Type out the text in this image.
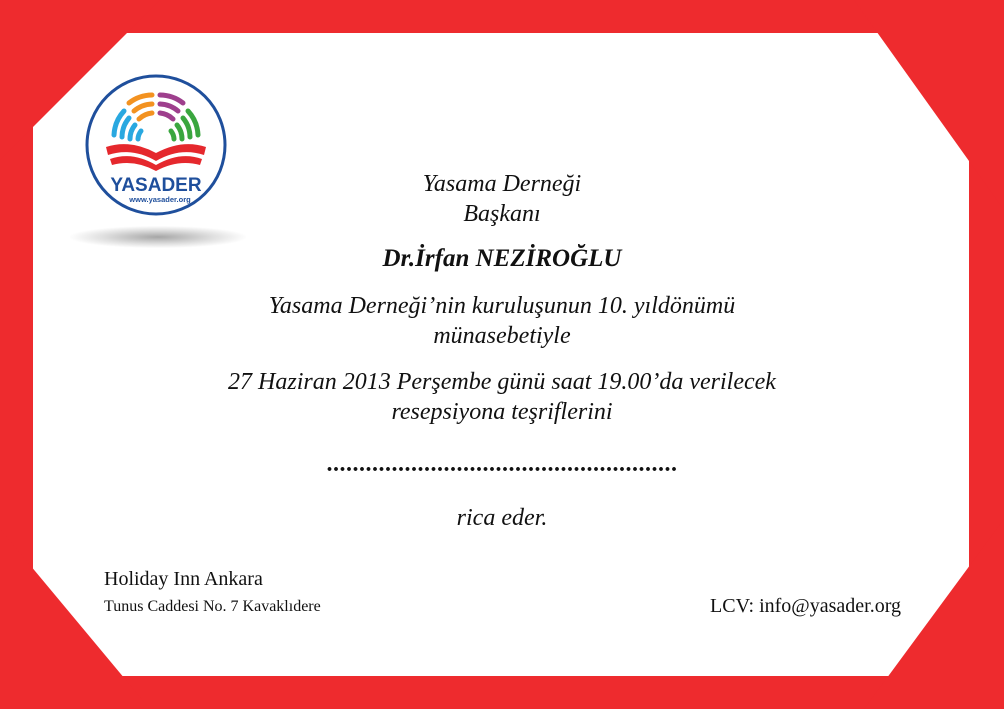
YASADER
www.yasader.org
Yasama Derneği
Başkanı
Dr.İrfan NEZİROĞLU
Yasama Derneği’nin kuruluşunun 10. yıldönümü
münasebetiyle
27 Haziran 2013 Perşembe günü saat 19.00’da verilecek
resepsiyona teşriflerini
......................................................
rica eder.
Holiday Inn Ankara
Tunus Caddesi No. 7 Kavaklıdere	LCV: info@yasader.org
